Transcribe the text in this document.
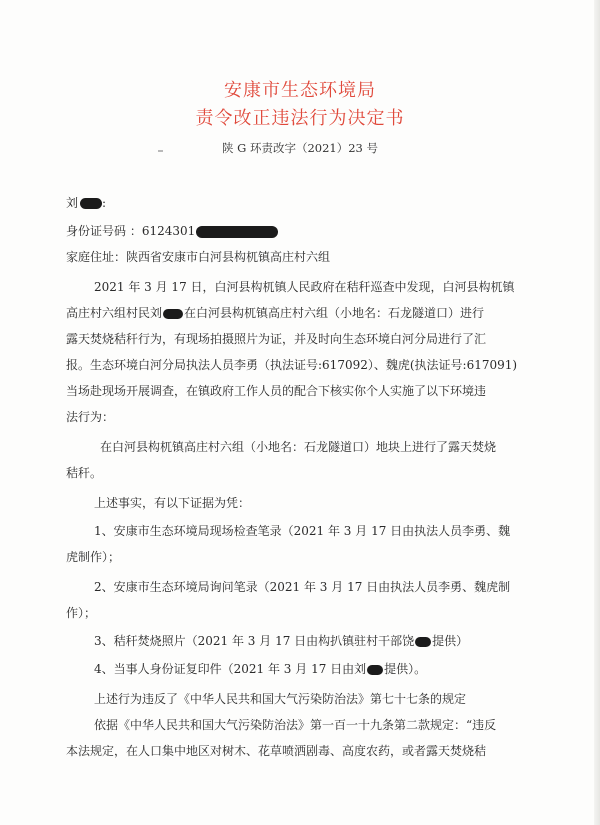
安康市生态环境局
责令改正违法行为决定书
陕 G 环责改字（2021）23 号
刘 :
身份证号码 ：6124301
家庭住址：陕西省安康市白河县构杌镇高庄村六组
2021 年 3 月 17 日，白河县构杌镇人民政府在秸秆巡查中发现，白河县构杌镇
高庄村六组村民刘 在白河县构杌镇高庄村六组（小地名：石龙隧道口）进行
露天焚烧秸秆行为，有现场拍摄照片为证，并及时向生态环境白河分局进行了汇
报。生态环境白河分局执法人员李勇（执法证号:617092）、魏虎(执法证号:617091)
当场赴现场开展调查，在镇政府工作人员的配合下核实你个人实施了以下环境违
法行为：
在白河县构杌镇高庄村六组（小地名：石龙隧道口）地块上进行了露天焚烧
秸秆。
上述事实，有以下证据为凭：
1、安康市生态环境局现场检查笔录（2021 年 3 月 17 日由执法人员李勇、魏
虎制作）；
2、安康市生态环境局询问笔录（2021 年 3 月 17 日由执法人员李勇、魏虎制
作）；
3、秸秆焚烧照片（2021 年 3 月 17 日由构扒镇驻村干部饶 提供）
4、当事人身份证复印件（2021 年 3 月 17 日由刘 提供）。
上述行为违反了《中华人民共和国大气污染防治法》第七十七条的规定
依据《中华人民共和国大气污染防治法》第一百一十九条第二款规定：“违反
本法规定，在人口集中地区对树木、花草喷洒剧毒、高度农药，或者露天焚烧秸
